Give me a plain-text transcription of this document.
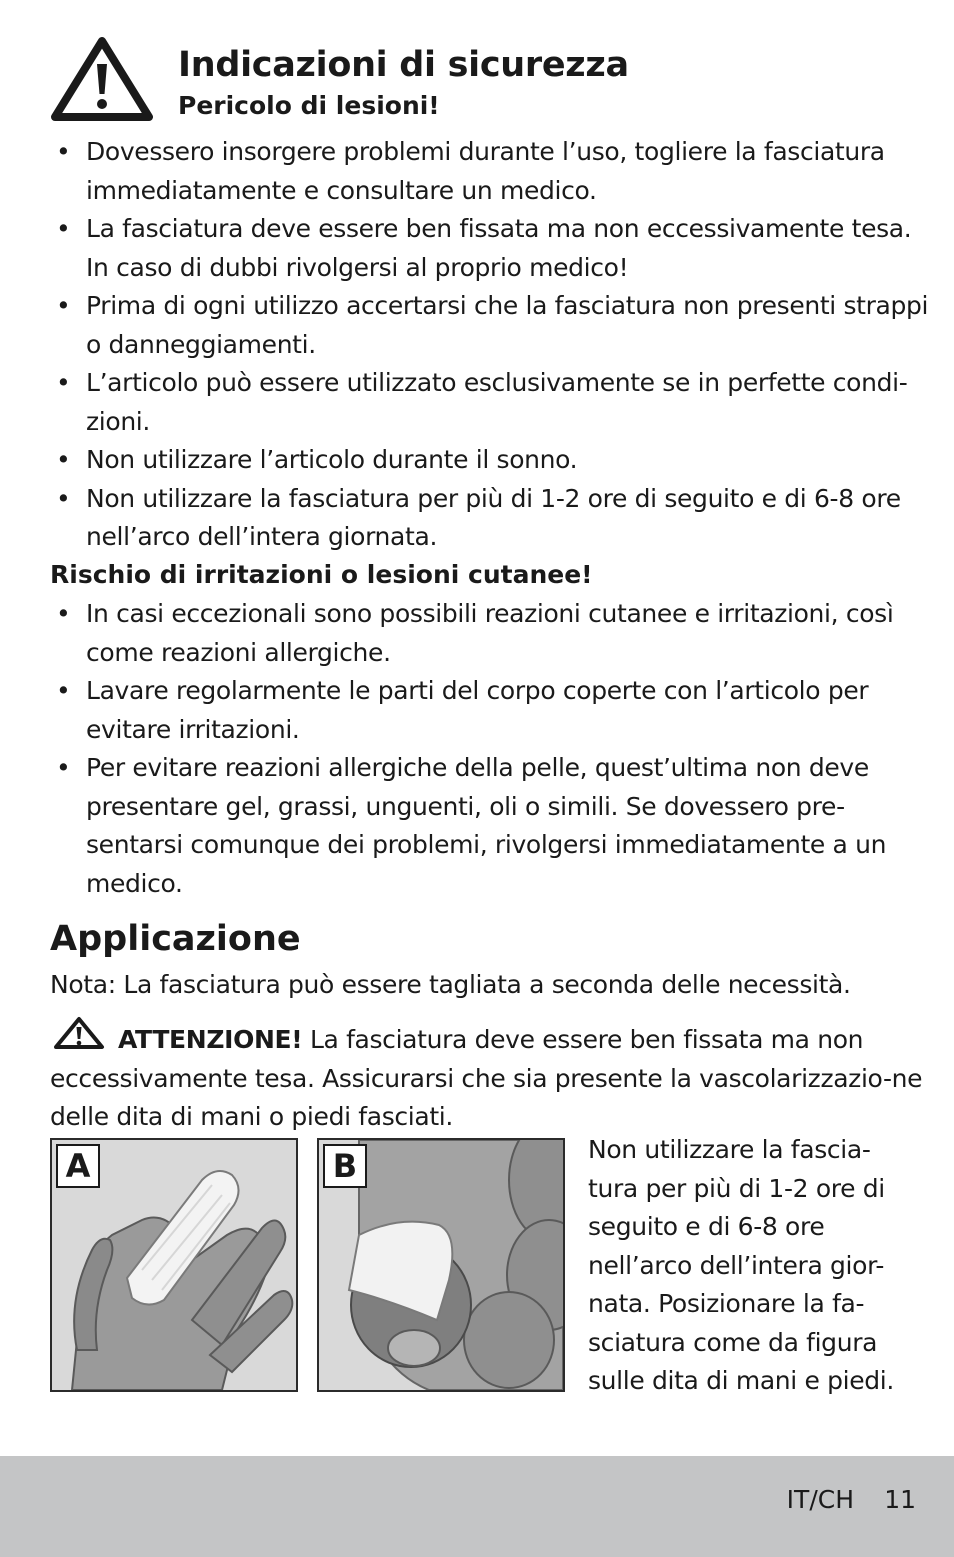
Indicazioni di sicurezza
Pericolo di lesioni!
• Dovessero insorgere problemi durante l’uso, togliere la fasciatura immediatamente e consultare un medico.
• La fasciatura deve essere ben fissata ma non eccessivamente tesa. In caso di dubbi rivolgersi al proprio medico!
• Prima di ogni utilizzo accertarsi che la fasciatura non presenti strappi o danneggiamenti.
• L’articolo può essere utilizzato esclusivamente se in perfette condi-zioni.
• Non utilizzare l’articolo durante il sonno.
• Non utilizzare la fasciatura per più di 1-2 ore di seguito e di 6-8 ore nell’arco dell’intera giornata.
Rischio di irritazioni o lesioni cutanee!
• In casi eccezionali sono possibili reazioni cutanee e irritazioni, così come reazioni allergiche.
• Lavare regolarmente le parti del corpo coperte con l’articolo per evitare irritazioni.
• Per evitare reazioni allergiche della pelle, quest’ultima non deve presentare gel, grassi, unguenti, oli o simili. Se dovessero pre-sentarsi comunque dei problemi, rivolgersi immediatamente a un medico.
Applicazione

Nota: La fasciatura può essere tagliata a seconda delle necessità.

ATTENZIONE! La fasciatura deve essere ben fissata ma non eccessivamente tesa. Assicurarsi che sia presente la vascolarizzazio-ne delle dita di mani o piedi fasciati.

A	B	Non utilizzare la fascia-tura per più di 1-2 ore di seguito e di 6-8 ore nell’arco dell’intera gior-nata. Posizionare la fa-sciatura come da figura sulle dita di mani e piedi.

IT/CH 11
